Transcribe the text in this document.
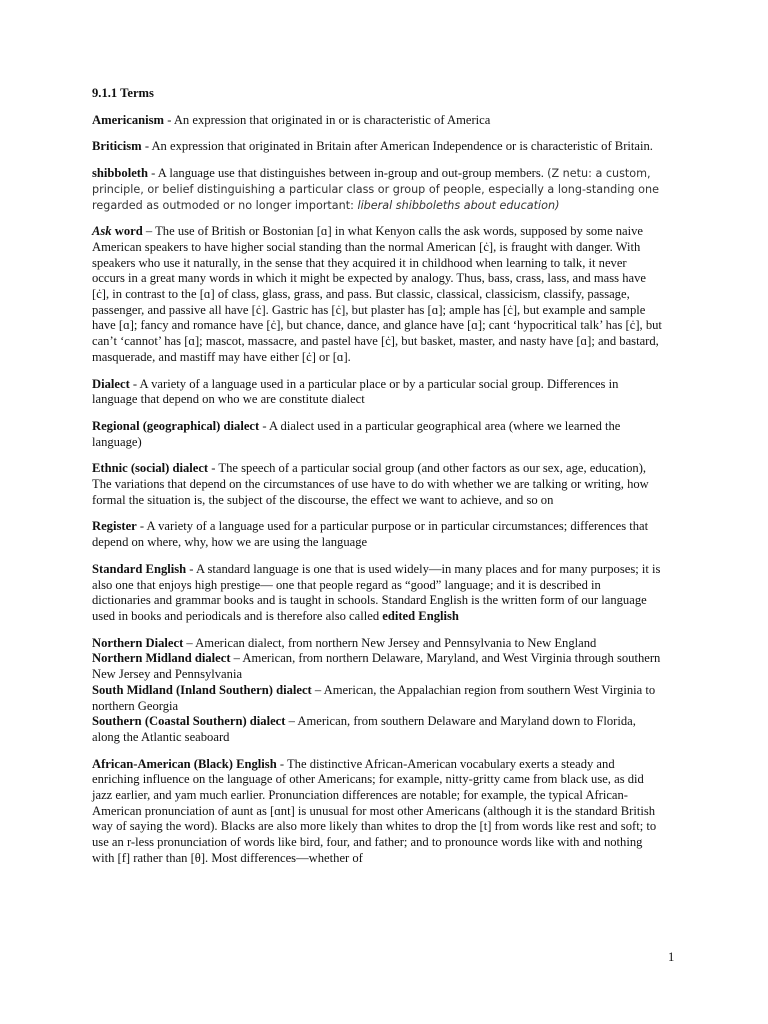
9.1.1 Terms

Americanism - An expression that originated in or is characteristic of America

Briticism - An expression that originated in Britain after American Independence or is characteristic of Britain.

shibboleth - A language use that distinguishes between in-group and out-group members. (Z netu: a custom, principle, or belief distinguishing a particular class or group of people, especially a long-standing one regarded as outmoded or no longer important: liberal shibboleths about education)

Ask word – The use of British or Bostonian [ɑ] in what Kenyon calls the ask words, supposed by some naive American speakers to have higher social standing than the normal American [ċ], is fraught with danger. With speakers who use it naturally, in the sense that they acquired it in childhood when learning to talk, it never occurs in a great many words in which it might be expected by analogy. Thus, bass, crass, lass, and mass have [ċ], in contrast to the [ɑ] of class, glass, grass, and pass. But classic, classical, classicism, classify, passage, passenger, and passive all have [ċ]. Gastric has [ċ], but plaster has [ɑ]; ample has [ċ], but example and sample have [ɑ]; fancy and romance have [ċ], but chance, dance, and glance have [ɑ]; cant ‘hypocritical talk’ has [ċ], but can’t ‘cannot’ has [ɑ]; mascot, massacre, and pastel have [ċ], but basket, master, and nasty have [ɑ]; and bastard, masquerade, and mastiff may have either [ċ] or [ɑ].

Dialect - A variety of a language used in a particular place or by a particular social group. Differences in language that depend on who we are constitute dialect

Regional (geographical) dialect - A dialect used in a particular geographical area (where we learned the language)

Ethnic (social) dialect - The speech of a particular social group (and other factors as our sex, age, education), The variations that depend on the circumstances of use have to do with whether we are talking or writing, how formal the situation is, the subject of the discourse, the effect we want to achieve, and so on

Register - A variety of a language used for a particular purpose or in particular circumstances; differences that depend on where, why, how we are using the language

Standard English - A standard language is one that is used widely—in many places and for many purposes; it is also one that enjoys high prestige— one that people regard as “good” language; and it is described in dictionaries and grammar books and is taught in schools. Standard English is the written form of our language used in books and periodicals and is therefore also called edited English

Northern Dialect – American dialect, from northern New Jersey and Pennsylvania to New England

Northern Midland dialect – American, from northern Delaware, Maryland, and West Virginia through southern New Jersey and Pennsylvania

South Midland (Inland Southern) dialect – American, the Appalachian region from southern West Virginia to northern Georgia

Southern (Coastal Southern) dialect – American, from southern Delaware and Maryland down to Florida, along the Atlantic seaboard

African-American (Black) English - The distinctive African-American vocabulary exerts a steady and enriching influence on the language of other Americans; for example, nitty-gritty came from black use, as did jazz earlier, and yam much earlier. Pronunciation differences are notable; for example, the typical African-American pronunciation of aunt as [ɑnt] is unusual for most other Americans (although it is the standard British way of saying the word). Blacks are also more likely than whites to drop the [t] from words like rest and soft; to use an r-less pronunciation of words like bird, four, and father; and to pronounce words like with and nothing with [f] rather than [θ]. Most differences—whether of

1
